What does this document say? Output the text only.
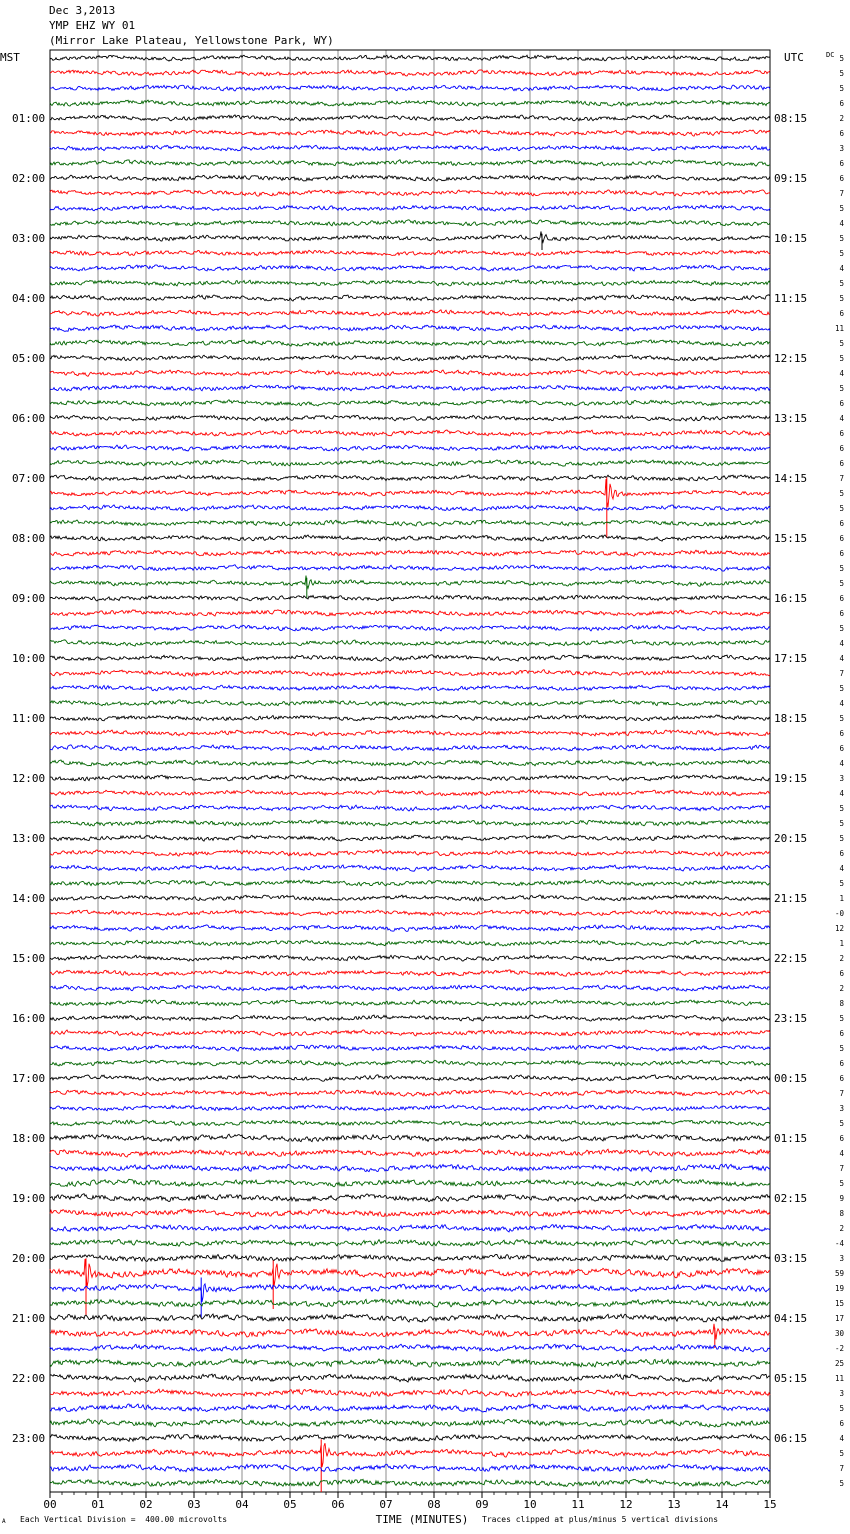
Dec 3,2013
YMP EHZ WY 01
(Mirror Lake Plateau, Yellowstone Park, WY)
5
5
5
6
2
6
3
6
6
7
5
4
5
5
4
5
5
6
11
5
5
4
5
6
4
6
6
6
7
5
5
6
6
6
5
5
6
6
5
4
4
7
5
4
5
6
6
4
3
4
5
5
5
6
4
5
1
-0
12
1
2
6
2
8
5
6
5
6
6
7
3
5
6
4
7
5
9
8
2
-4
3
59
19
15
17
30
-2
25
11
3
5
6
4
5
7
5
MST	UTC	DC
01:00
02:00
03:00
04:00
05:00
06:00
07:00
08:00
09:00
10:00
11:00
12:00
13:00
14:00
15:00
16:00
17:00
18:00
19:00
20:00
21:00
22:00
23:00
08:15
09:15
10:15
11:15
12:15
13:15
14:15
15:15
16:15
17:15
18:15
19:15
20:15
21:15
22:15
23:15
00:15
01:15
02:15
03:15
04:15
05:15
06:15
00	01	02	03	04	05	06	07	08	09	10	11	12	13	14	15
TIME (MINUTES)
A Each Vertical Division =  400.00 microvolts	Traces clipped at plus/minus 5 vertical divisions
